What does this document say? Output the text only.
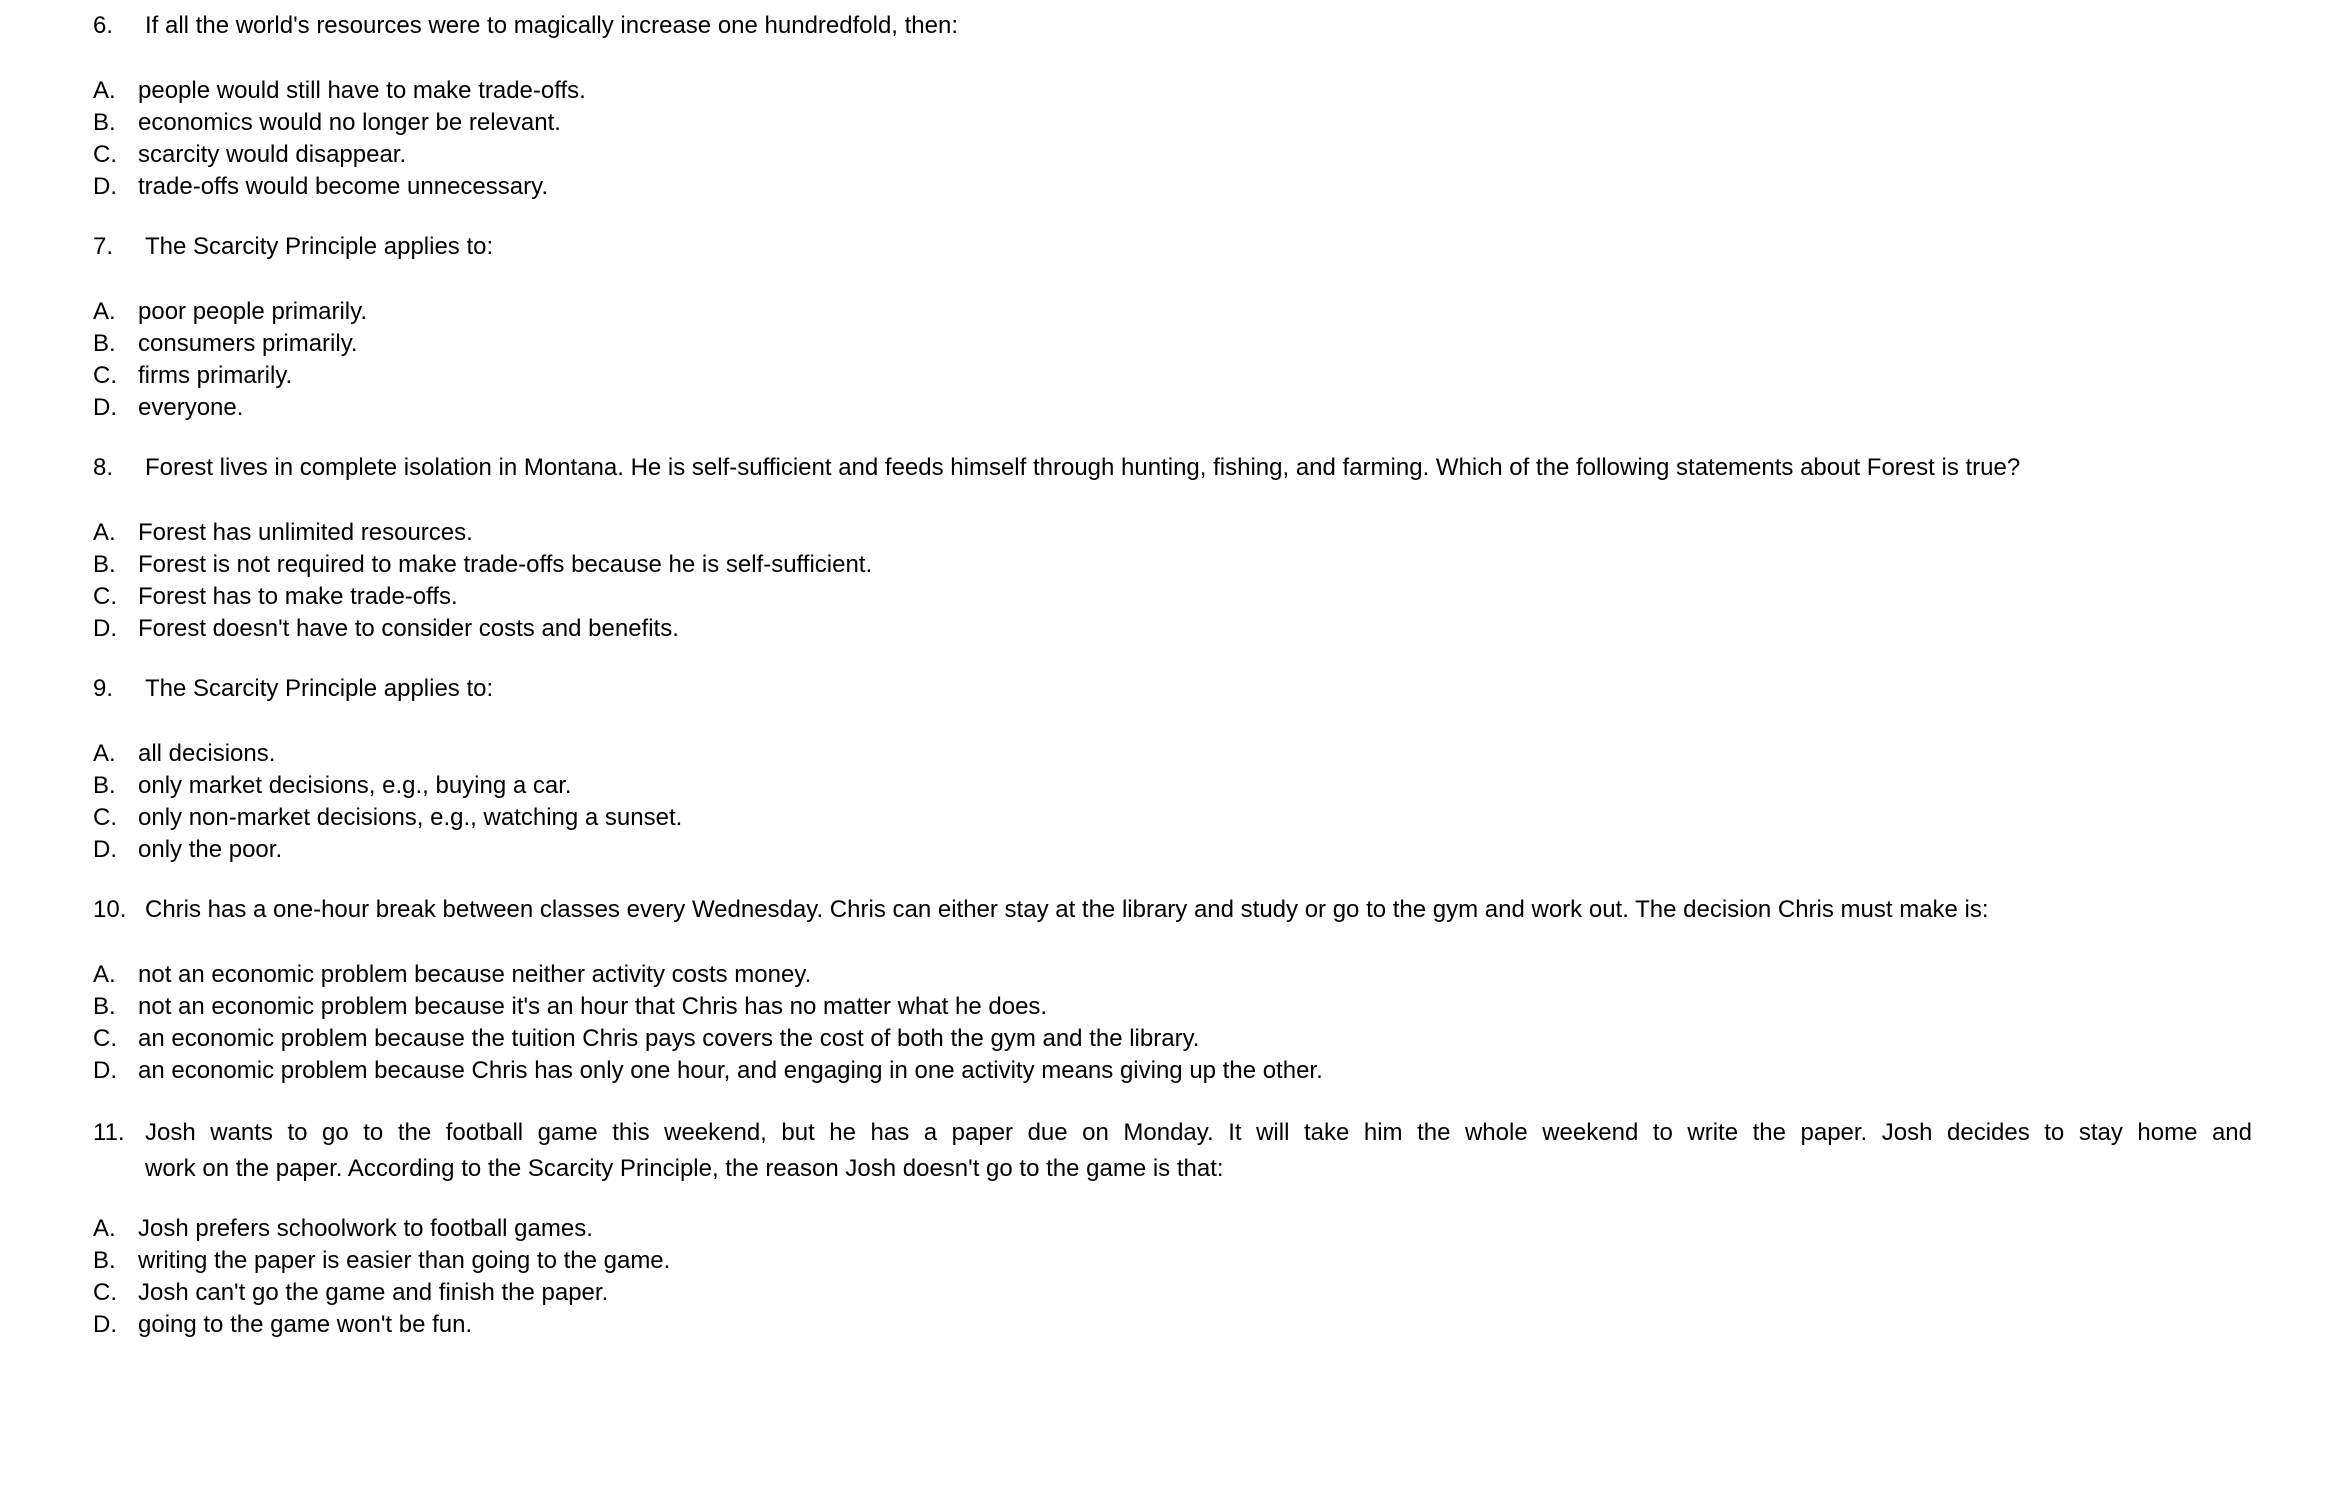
6.	If all the world's resources were to magically increase one hundredfold, then:
A. people would still have to make trade-offs.
B. economics would no longer be relevant.
C. scarcity would disappear.
D. trade-offs would become unnecessary.
7.	The Scarcity Principle applies to:
A. poor people primarily.
B. consumers primarily.
C. firms primarily.
D. everyone.
8.	Forest lives in complete isolation in Montana. He is self-sufficient and feeds himself through hunting, fishing, and farming. Which of the following statements about Forest is true?
A. Forest has unlimited resources.
B. Forest is not required to make trade-offs because he is self-sufficient.
C. Forest has to make trade-offs.
D. Forest doesn't have to consider costs and benefits.
9.	The Scarcity Principle applies to:
A. all decisions.
B. only market decisions, e.g., buying a car.
C. only non-market decisions, e.g., watching a sunset.
D. only the poor.
10. Chris has a one-hour break between classes every Wednesday. Chris can either stay at the library and study or go to the gym and work out. The decision Chris must make is:
A. not an economic problem because neither activity costs money.
B. not an economic problem because it's an hour that Chris has no matter what he does.
C. an economic problem because the tuition Chris pays covers the cost of both the gym and the library.
D. an economic problem because Chris has only one hour, and engaging in one activity means giving up the other.
11. Josh wants to go to the football game this weekend, but he has a paper due on Monday. It will take him the whole weekend to write the paper. Josh decides to stay home and
work on the paper. According to the Scarcity Principle, the reason Josh doesn't go to the game is that:
A. Josh prefers schoolwork to football games.
B. writing the paper is easier than going to the game.
C. Josh can't go the game and finish the paper.
D. going to the game won't be fun.
